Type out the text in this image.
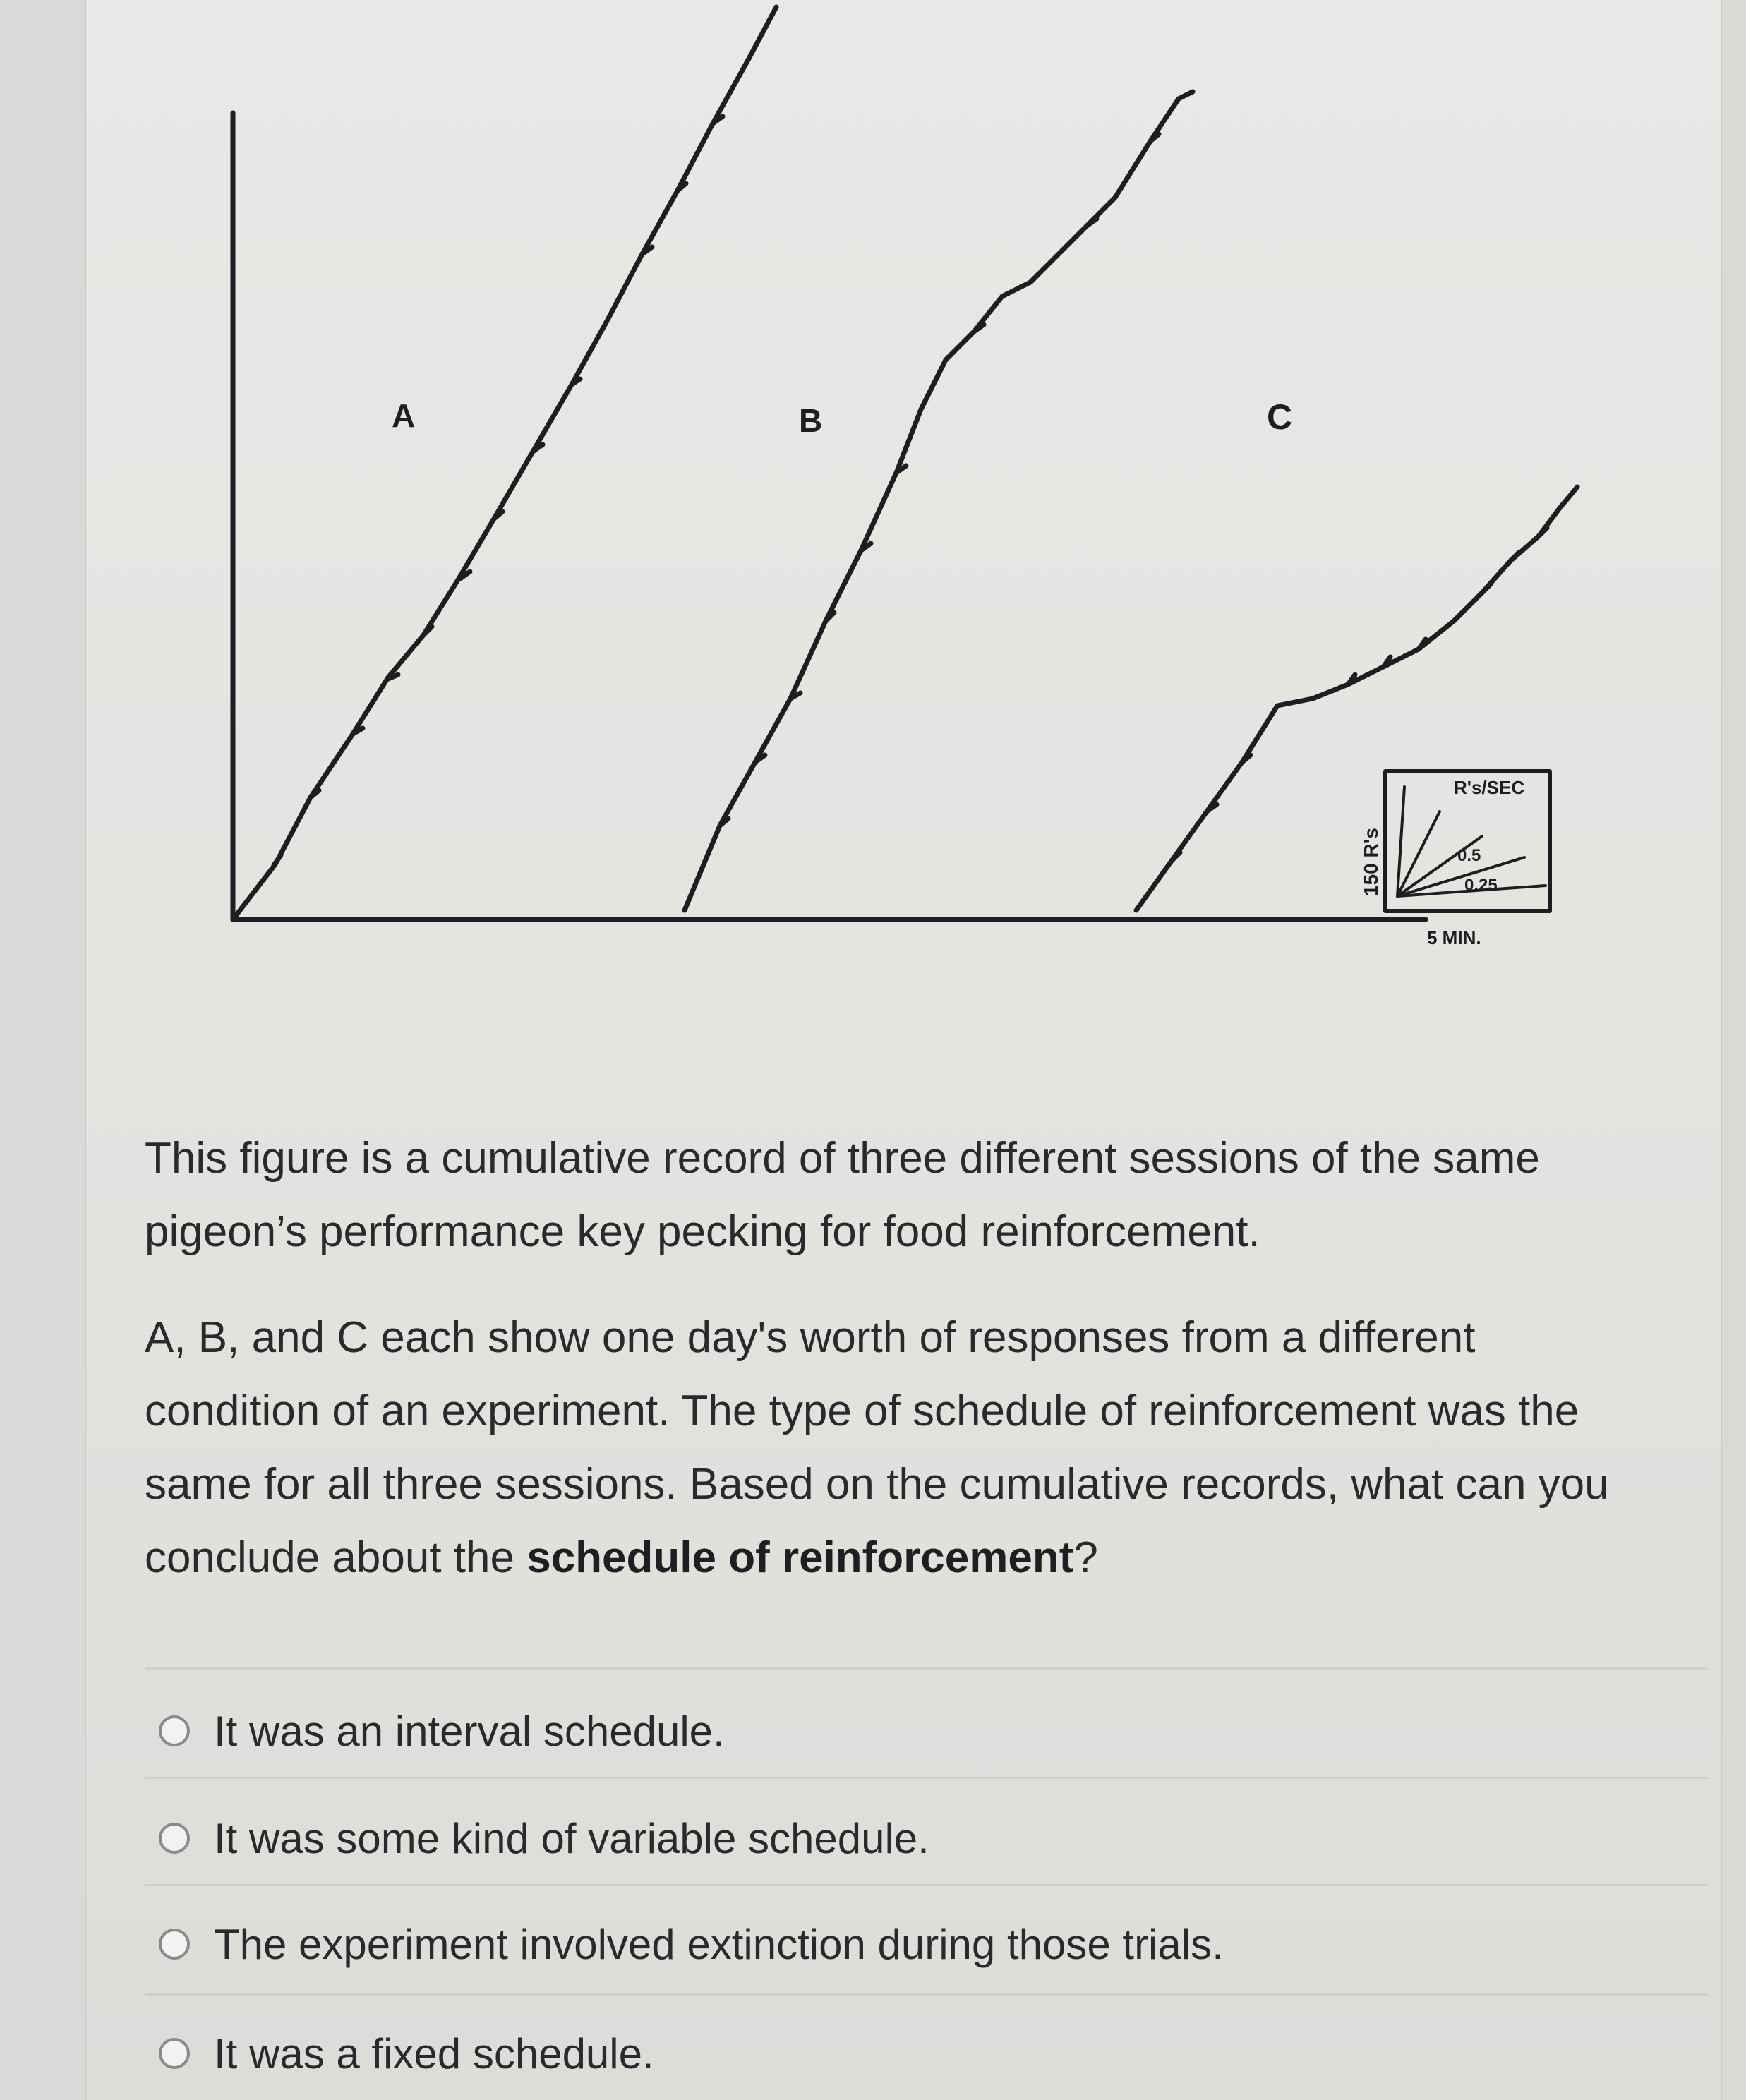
A	B	C
150 R's
R's/SEC
0.5
0.25
5 MIN.

This figure is a cumulative record of three different sessions of the same pigeon’s performance key pecking for food reinforcement.

A, B, and C each show one day's worth of responses from a different condition of an experiment. The type of schedule of reinforcement was the same for all three sessions. Based on the cumulative records, what can you conclude about the schedule of reinforcement?

It was an interval schedule.
It was some kind of variable schedule.
The experiment involved extinction during those trials.
It was a fixed schedule.
